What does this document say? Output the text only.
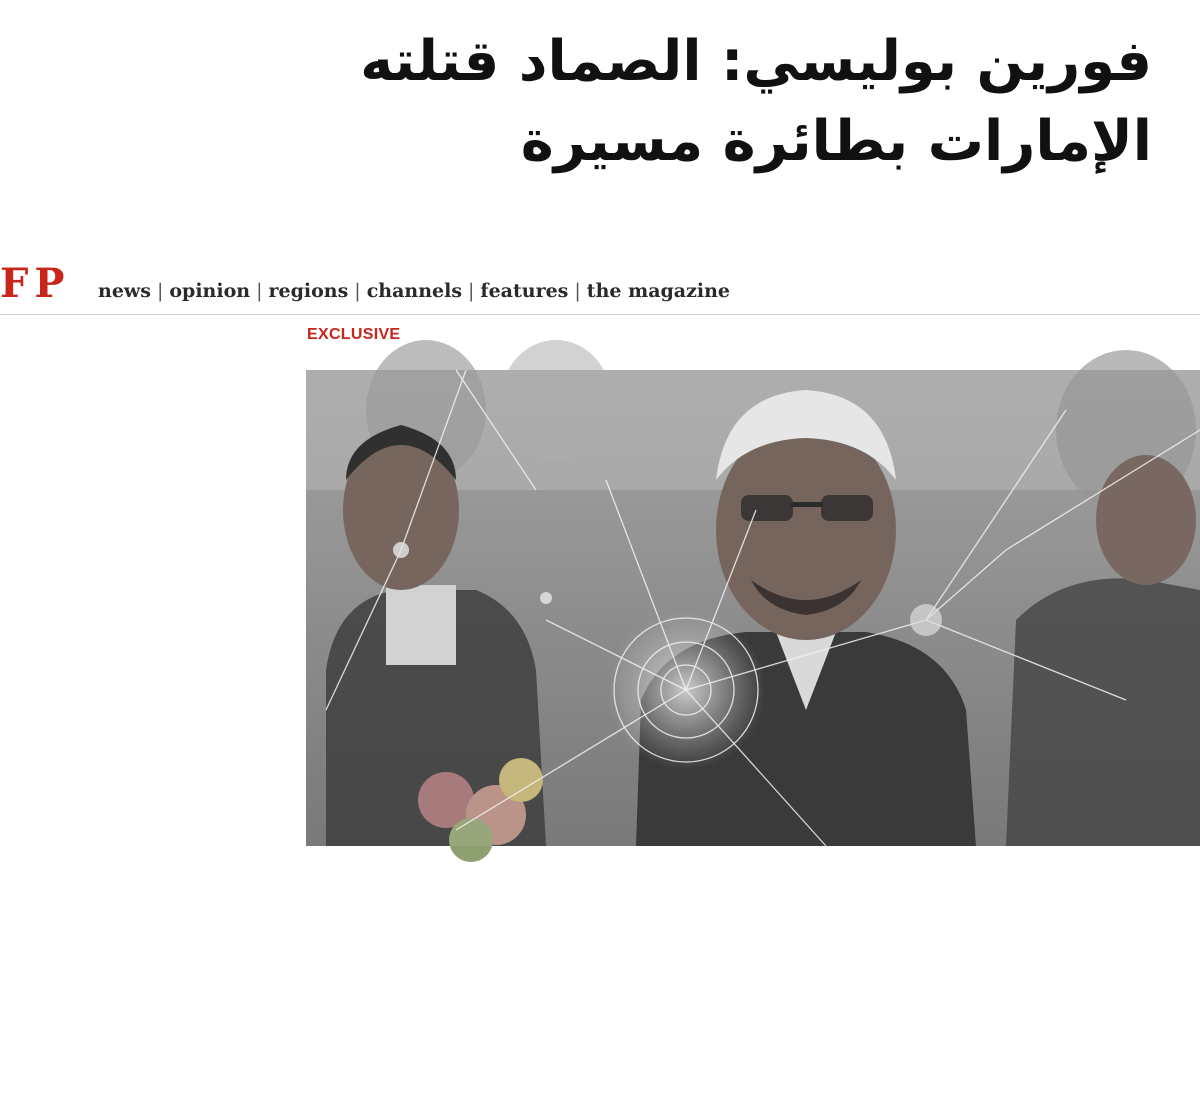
فورين بوليسي: الصماد قتلته
الإمارات بطائرة مسيرة
FP news | opinion | regions | channels | features | the magazine
EXCLUSIVE
